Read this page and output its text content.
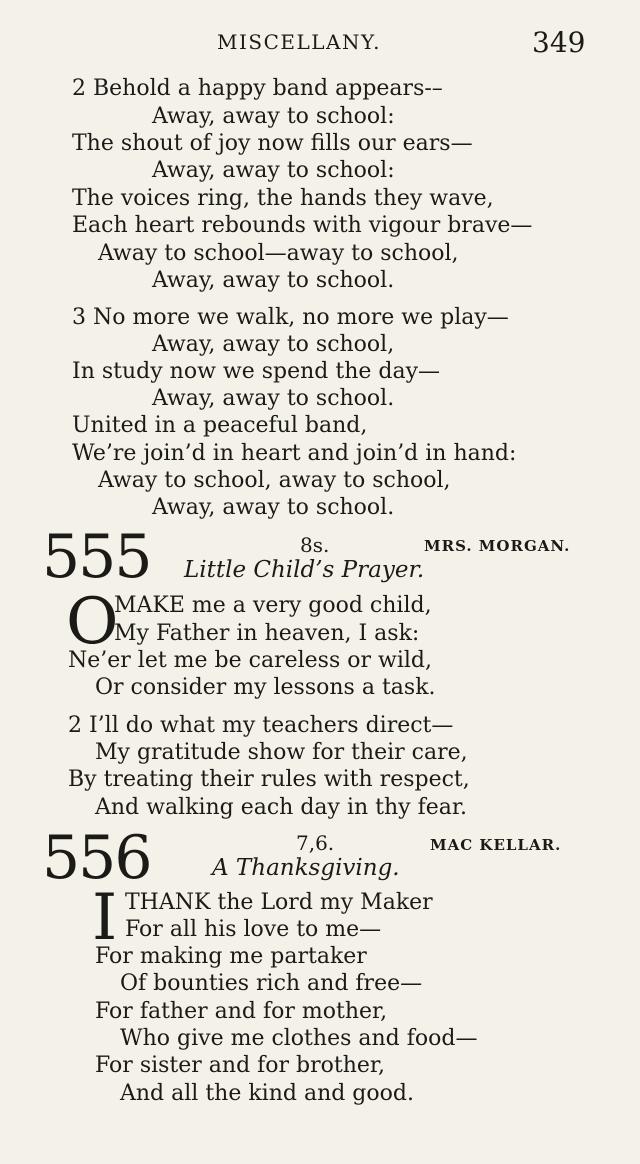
MISCELLANY.	349
2 Behold a happy band appears-–
Away, away to school:
The shout of joy now fills our ears—
Away, away to school:
The voices ring, the hands they wave,
Each heart rebounds with vigour brave—
Away to school—away to school,
Away, away to school.
3 No more we walk, no more we play—
Away, away to school,
In study now we spend the day—
Away, away to school.
United in a peaceful band,
We’re join’d in heart and join’d in hand:
Away to school, away to school,
Away, away to school.
555	8s.	MRS. MORGAN.
Little Child’s Prayer.
O
MAKE me a very good child,
My Father in heaven, I ask:
Ne’er let me be careless or wild,
Or consider my lessons a task.
2 I’ll do what my teachers direct—
My gratitude show for their care,
By treating their rules with respect,
And walking each day in thy fear.
556	7,6.	MAC KELLAR.
A Thanksgiving.
I THANK the Lord my Maker
For all his love to me—
For making me partaker
Of bounties rich and free—
For father and for mother,
Who give me clothes and food—
For sister and for brother,
And all the kind and good.
